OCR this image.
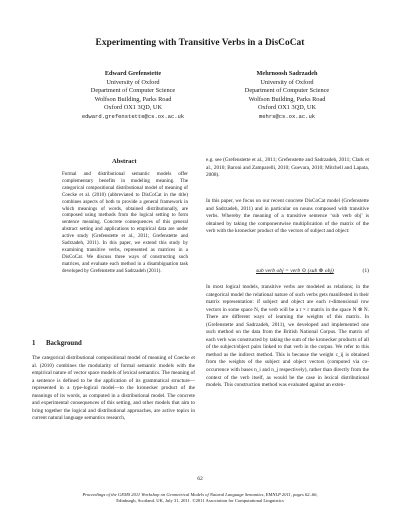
Experimenting with Transitive Verbs in a DisCoCat
Edward Grefenstette
University of Oxford
Department of Computer Science
Wolfson Building, Parks Road
Oxford OX1 3QD, UK
edward.grefenstette@cs.ox.ac.uk
Mehrnoosh Sadrzadeh
University of Oxford
Department of Computer Science
Wolfson Building, Parks Road
Oxford OX1 3QD, UK
mehrs@cs.ox.ac.uk
Abstract
Formal and distributional semantic models offer complementary benefits in modeling meaning. The categorical compositional distributional model of meaning of Coecke et al. (2010) (abbreviated to DisCoCat in the title) combines aspects of both to provide a general framework in which meanings of words, obtained distributionally, are composed using methods from the logical setting to form sentence meaning. Concrete consequences of this general abstract setting and applications to empirical data are under active study (Grefenstette et al., 2011; Grefenstette and Sadrzadeh, 2011). In this paper, we extend this study by examining transitive verbs, represented as matrices in a DisCoCat. We discuss three ways of constructing such matrices, and evaluate each method in a disambiguation task developed by Grefenstette and Sadrzadeh (2011).
1 Background
The categorical distributional compositional model of meaning of Coecke et al. (2010) combines the modularity of formal semantic models with the empirical nature of vector space models of lexical semantics. The meaning of a sentence is defined to be the application of its grammatical structure—represented in a type-logical model—to the kronecker product of the meanings of its words, as computed in a distributional model. The concrete and experimental consequences of this setting, and other models that aim to bring together the logical and distributional approaches, are active topics in current natural language semantics research,
e.g. see (Grefenstette et al., 2011; Grefenstette and Sadrzadeh, 2011; Clark et al., 2010; Baroni and Zamparelli, 2010; Guevara, 2010; Mitchell and Lapata, 2008).
In this paper, we focus on our recent concrete DisCoCat model (Grefenstette and Sadrzadeh, 2011) and in particular on nouns composed with transitive verbs. Whereby the meaning of a transitive sentence ‘sub verb obj’ is obtained by taking the componentwise multiplication of the matrix of the verb with the kronecker product of the vectors of subject and object:
sub verb obj = verb ⊙ (sub ⊗ obj)	(1)
In most logical models, transitive verbs are modeled as relations; in the categorical model the relational nature of such verbs gets manifested in their matrix representation: if subject and object are each r-dimensional row vectors in some space N, the verb will be a r × r matrix in the space N ⊗ N. There are different ways of learning the weights of this matrix. In (Grefenstette and Sadrzadeh, 2011), we developed and implemented one such method on the data from the British National Corpus. The matrix of each verb was constructed by taking the sum of the kronecker products of all of the subject/object pairs linked to that verb in the corpus. We refer to this method as the indirect method. This is because the weight c_ij is obtained from the weights of the subject and object vectors (computed via co-occurrence with bases n_i and n_j respectively), rather than directly from the context of the verb itself, as would be the case in lexical distributional models. This construction method was evaluated against an exten-
62
Proceedings of the GEMS 2011 Workshop on Geometrical Models of Natural Language Semantics, EMNLP 2011, pages 62–66,
Edinburgh, Scotland, UK, July 31, 2011. ©2011 Association for Computational Linguistics
